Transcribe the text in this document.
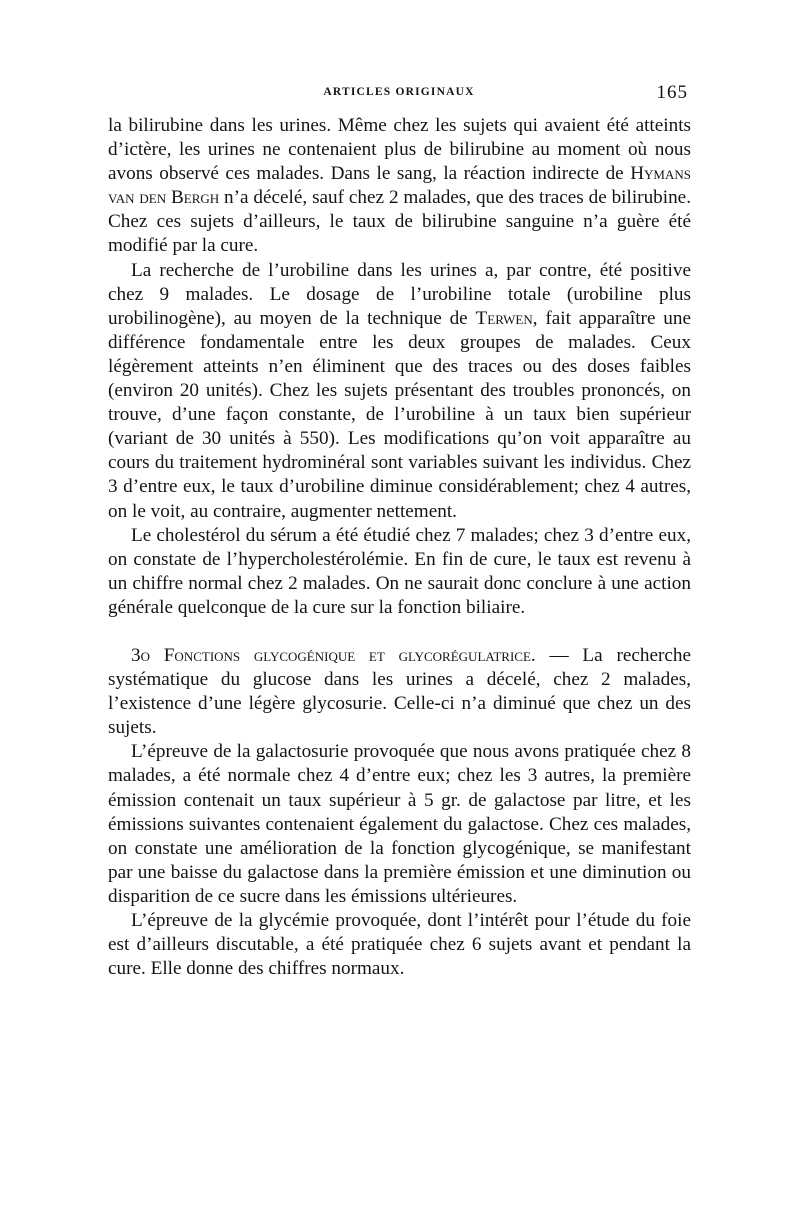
ARTICLES ORIGINAUX	165

la bilirubine dans les urines. Même chez les sujets qui avaient été atteints d’ictère, les urines ne contenaient plus de bilirubine au moment où nous avons observé ces malades. Dans le sang, la réaction indirecte de Hymans van den Bergh n’a décelé, sauf chez 2 malades, que des traces de bilirubine. Chez ces sujets d’ailleurs, le taux de bilirubine sanguine n’a guère été modifié par la cure.

La recherche de l’urobiline dans les urines a, par contre, été positive chez 9 malades. Le dosage de l’urobiline totale (urobiline plus urobilinogène), au moyen de la technique de Terwen, fait apparaître une différence fondamentale entre les deux groupes de malades. Ceux légèrement atteints n’en éliminent que des traces ou des doses faibles (environ 20 unités). Chez les sujets présentant des troubles prononcés, on trouve, d’une façon constante, de l’urobiline à un taux bien supérieur (variant de 30 unités à 550). Les modifications qu’on voit apparaître au cours du traitement hydrominéral sont variables suivant les individus. Chez 3 d’entre eux, le taux d’urobiline diminue considérablement; chez 4 autres, on le voit, au contraire, augmenter nettement.

Le cholestérol du sérum a été étudié chez 7 malades; chez 3 d’entre eux, on constate de l’hypercholestérolémie. En fin de cure, le taux est revenu à un chiffre normal chez 2 malades. On ne saurait donc conclure à une action générale quelconque de la cure sur la fonction biliaire.

3o Fonctions glycogénique et glycorégulatrice. — La recherche systématique du glucose dans les urines a décelé, chez 2 malades, l’existence d’une légère glycosurie. Celle-ci n’a diminué que chez un des sujets.

L’épreuve de la galactosurie provoquée que nous avons pratiquée chez 8 malades, a été normale chez 4 d’entre eux; chez les 3 autres, la première émission contenait un taux supérieur à 5 gr. de galactose par litre, et les émissions suivantes contenaient également du galactose. Chez ces malades, on constate une amélioration de la fonction glycogénique, se manifestant par une baisse du galactose dans la première émission et une diminution ou disparition de ce sucre dans les émissions ultérieures.

L’épreuve de la glycémie provoquée, dont l’intérêt pour l’étude du foie est d’ailleurs discutable, a été pratiquée chez 6 sujets avant et pendant la cure. Elle donne des chiffres normaux.
